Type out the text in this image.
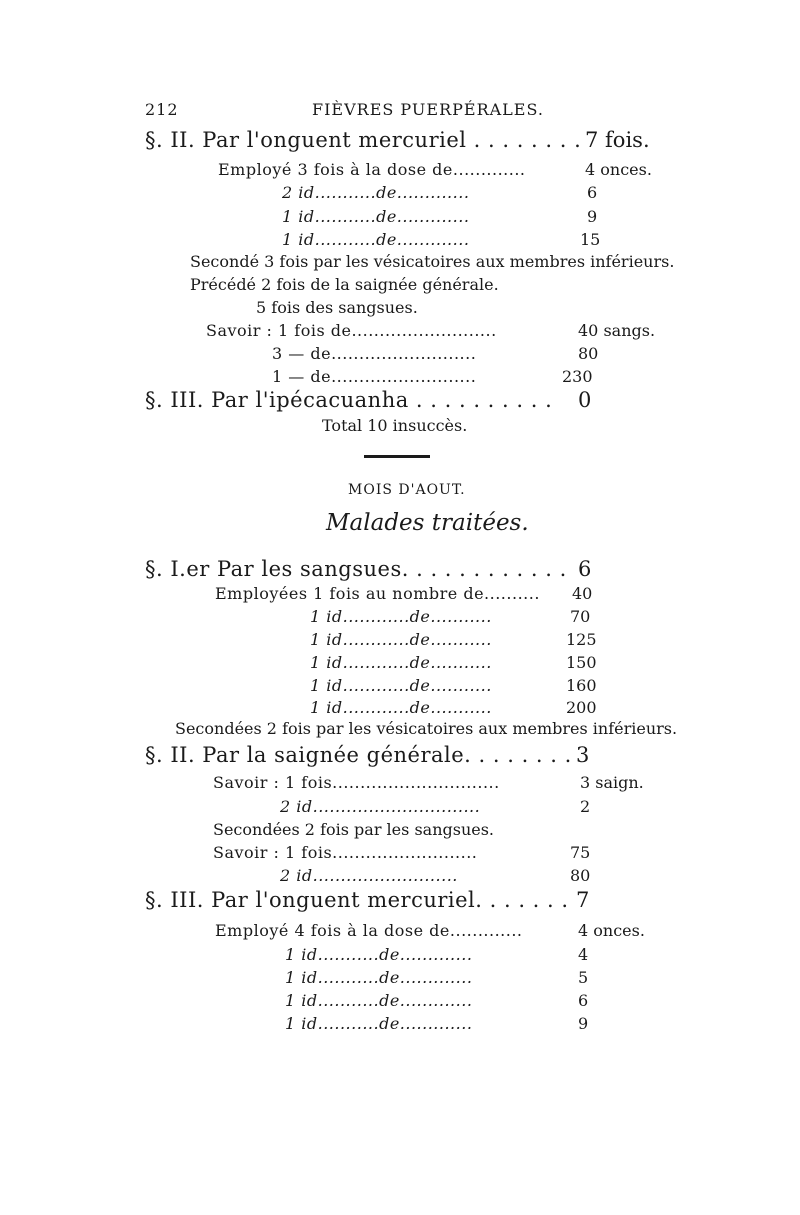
212	FIÈVRES PUERPÉRALES.
§. II. Par l'onguent mercuriel . . . . . . . . 7 fois.
Employé 3 fois à la dose de.............	4 onces.
2 id...........de.............	6
1 id...........de.............	9
1 id...........de.............	15
Secondé 3 fois par les vésicatoires aux membres inférieurs.
Précédé 2 fois de la saignée générale.
5 fois des sangsues.
Savoir : 1 fois de..........................	40 sangs.
3 — de..........................	80
1 — de..........................	230
§. III. Par l'ipécacuanha . . . . . . . . . . 0
Total 10 insuccès.
MOIS D'AOUT.
Malades traitées.
§. I.er Par les sangsues. . . . . . . . . . . . 6
Employées 1 fois au nombre de.......... 40
1 id............de...........	70
1 id............de...........	125
1 id............de...........	150
1 id............de...........	160
1 id............de...........	200
Secondées 2 fois par les vésicatoires aux membres inférieurs.
§. II. Par la saignée générale. . . . . . . . 3
Savoir : 1 fois..............................	3 saign.
2 id..............................	2
Secondées 2 fois par les sangsues.
Savoir : 1 fois..........................	75
2 id..........................	80
§. III. Par l'onguent mercuriel. . . . . . . 7
Employé 4 fois à la dose de.............	4 onces.
1 id...........de.............	4
1 id...........de.............	5
1 id...........de.............	6
1 id...........de.............	9
